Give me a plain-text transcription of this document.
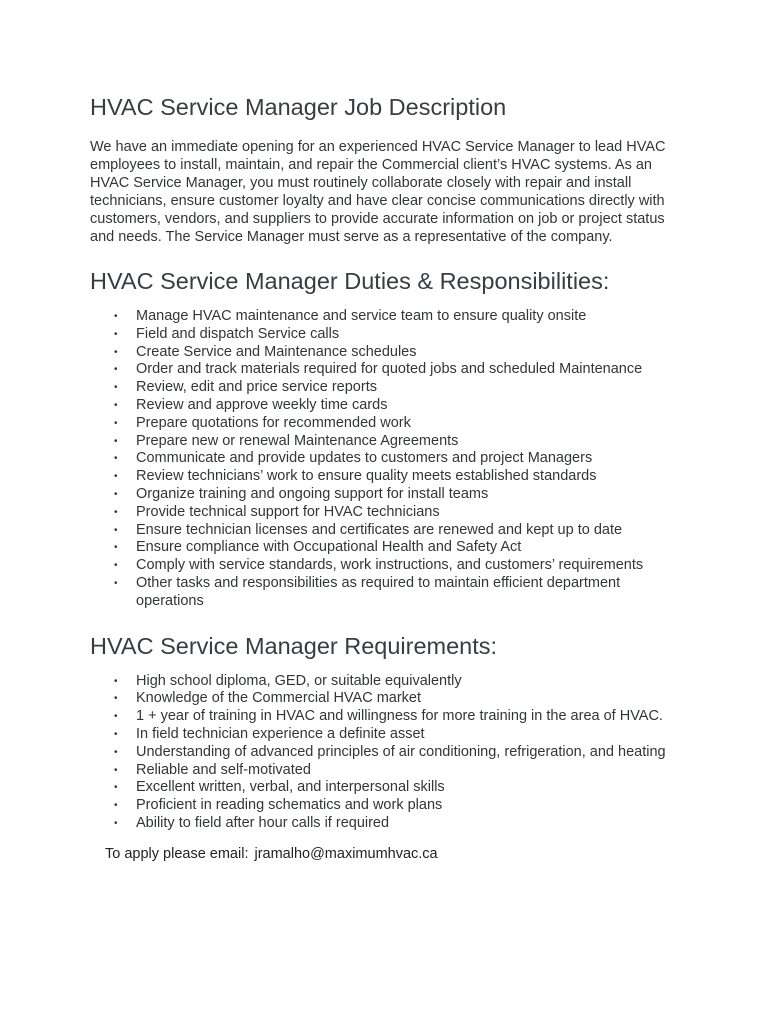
HVAC Service Manager Job Description

We have an immediate opening for an experienced HVAC Service Manager to lead HVAC employees to install, maintain, and repair the Commercial client’s HVAC systems. As an HVAC Service Manager, you must routinely collaborate closely with repair and install technicians, ensure customer loyalty and have clear concise communications directly with customers, vendors, and suppliers to provide accurate information on job or project status and needs. The Service Manager must serve as a representative of the company.

HVAC Service Manager Duties & Responsibilities:
• Manage HVAC maintenance and service team to ensure quality onsite
• Field and dispatch Service calls
• Create Service and Maintenance schedules
• Order and track materials required for quoted jobs and scheduled Maintenance
• Review, edit and price service reports
• Review and approve weekly time cards
• Prepare quotations for recommended work
• Prepare new or renewal Maintenance Agreements
• Communicate and provide updates to customers and project Managers
• Review technicians’ work to ensure quality meets established standards
• Organize training and ongoing support for install teams
• Provide technical support for HVAC technicians
• Ensure technician licenses and certificates are renewed and kept up to date
• Ensure compliance with Occupational Health and Safety Act
• Comply with service standards, work instructions, and customers’ requirements
• Other tasks and responsibilities as required to maintain efficient department operations
HVAC Service Manager Requirements:
• High school diploma, GED, or suitable equivalently
• Knowledge of the Commercial HVAC market
• 1 + year of training in HVAC and willingness for more training in the area of HVAC.
• In field technician experience a definite asset
• Understanding of advanced principles of air conditioning, refrigeration, and heating
• Reliable and self-motivated
• Excellent written, verbal, and interpersonal skills
• Proficient in reading schematics and work plans
• Ability to field after hour calls if required
To apply please email: jramalho@maximumhvac.ca
